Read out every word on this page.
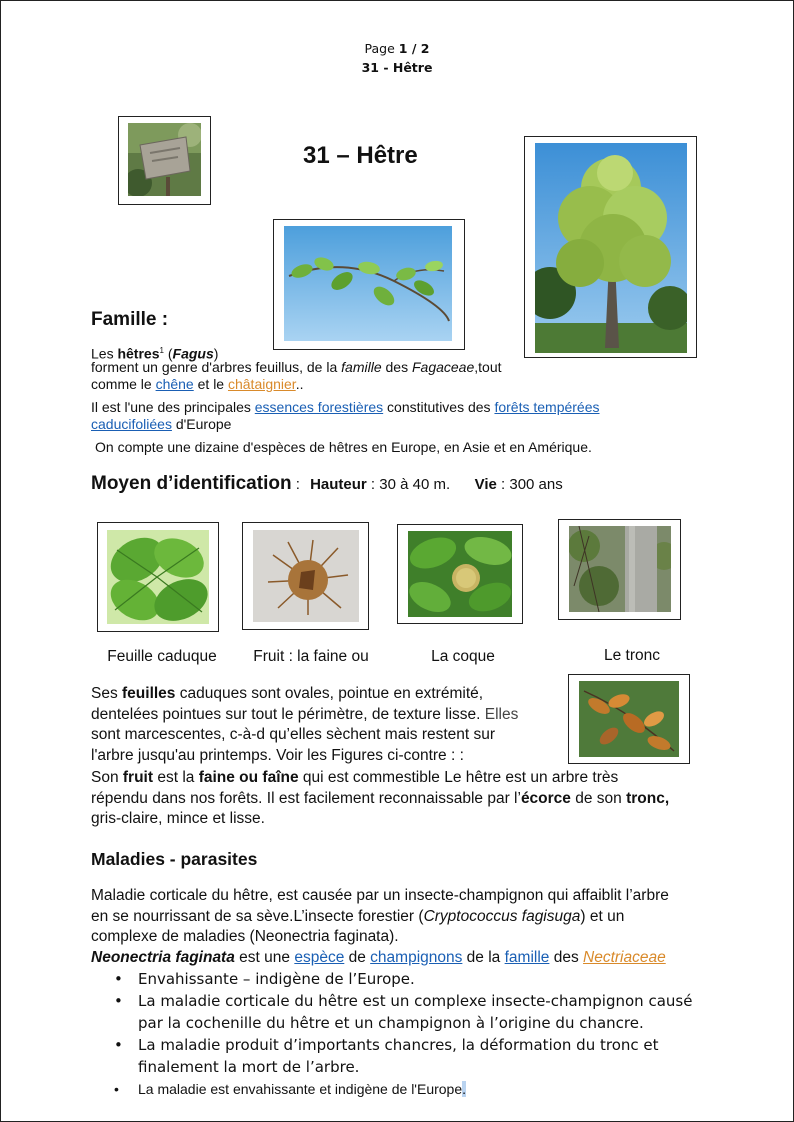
Page 1 / 2
31 - Hêtre
31 – Hêtre
Famille :
Les hêtres$^1$ (Fagus)
forment un genre d'arbres feuillus, de la famille des Fagaceae,tout
comme le chêne et le châtaignier..
Il est l'une des principales essences forestières constitutives des forêts tempérées
caducifoliées d'Europe
On compte une dizaine d'espèces de hêtres en Europe, en Asie et en Amérique.
Moyen d’identification : Hauteur : 30 à 40 m. Vie : 300 ans
Feuille caduque	Fruit : la faine ou	La coque	Le tronc
Ses feuilles caduques sont ovales, pointue en extrémité,
dentelées pointues sur tout le périmètre, de texture lisse. Elles
sont marcescentes, c-à-d qu’elles sèchent mais restent sur
l'arbre jusqu'au printemps. Voir les Figures ci-contre : :
Son fruit est la faine ou faîne qui est commestible Le hêtre est un arbre très
répendu dans nos forêts. Il est facilement reconnaissable par l’écorce de son tronc,
gris-claire, mince et lisse.
Maladies - parasites
Maladie corticale du hêtre, est causée par un insecte-champignon qui affaiblit l’arbre
en se nourrissant de sa sève.L’insecte forestier (Cryptococcus fagisuga) et un
complexe de maladies (Neonectria faginata).
Neonectria faginata est une espèce de champignons de la famille des Nectriaceae
• Envahissante – indigène de l’Europe.
• La maladie corticale du hêtre est un complexe insecte-champignon causé
par la cochenille du hêtre et un champignon à l’origine du chancre.
• La maladie produit d’importants chancres, la déformation du tronc et
finalement la mort de l’arbre.
• La maladie est envahissante et indigène de l'Europe.
